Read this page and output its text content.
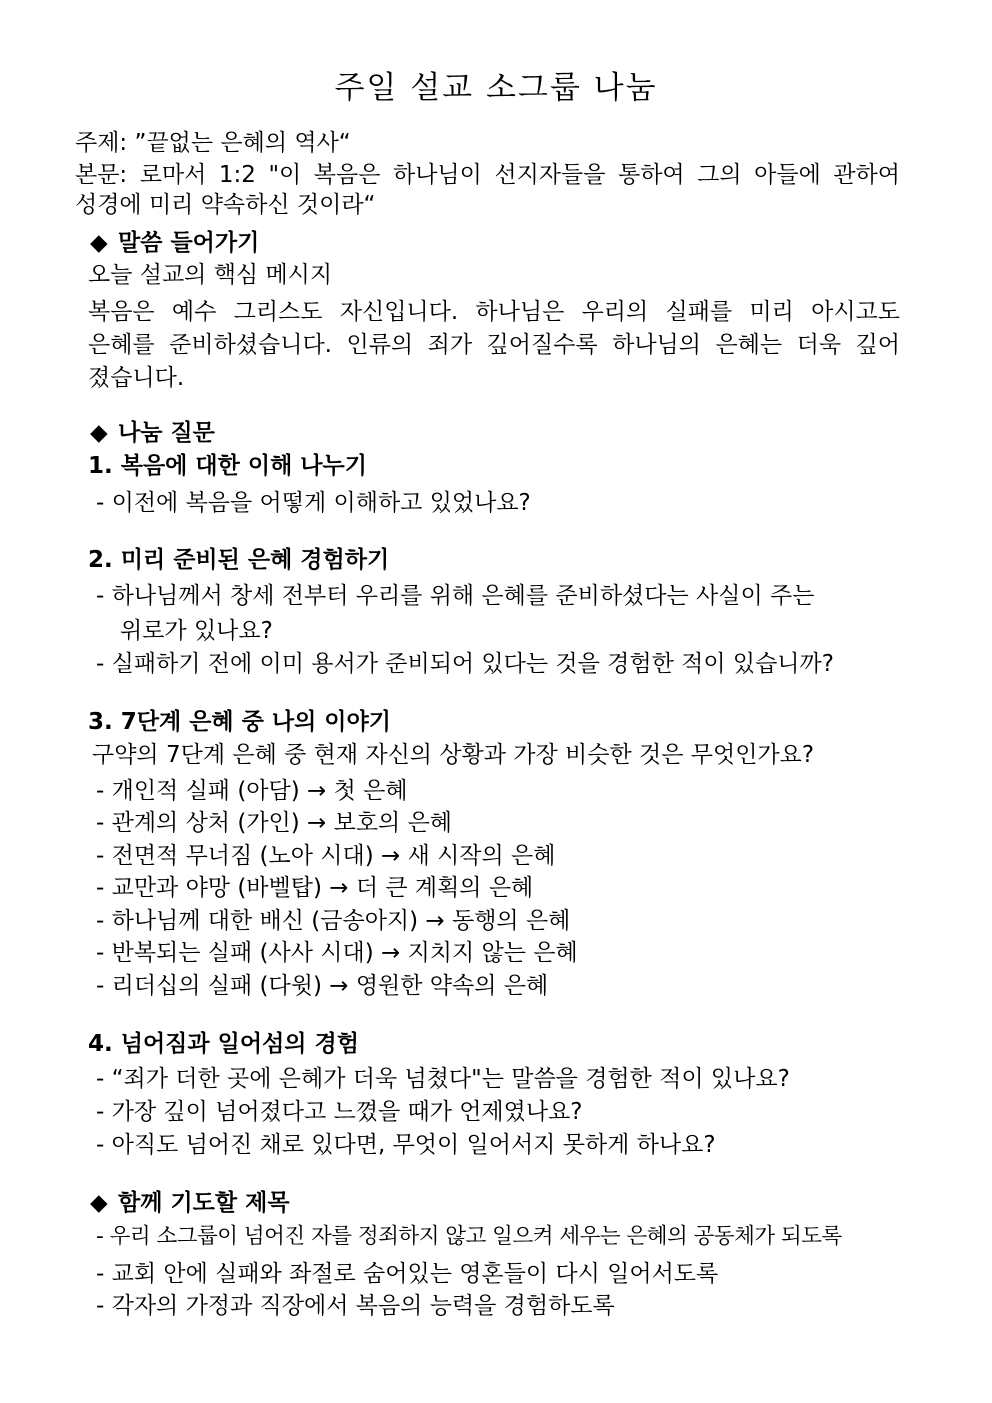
주일 설교 소그룹 나눔
주제: ”끝없는 은혜의 역사“
본문: 로마서 1:2 "이 복음은 하나님이 선지자들을 통하여 그의 아들에 관하여
성경에 미리 약속하신 것이라“
◆ 말씀 들어가기
오늘 설교의 핵심 메시지
복음은 예수 그리스도 자신입니다. 하나님은 우리의 실패를 미리 아시고도
은혜를 준비하셨습니다. 인류의 죄가 깊어질수록 하나님의 은혜는 더욱 깊어
졌습니다.
◆ 나눔 질문
1. 복음에 대한 이해 나누기
- 이전에 복음을 어떻게 이해하고 있었나요?
2. 미리 준비된 은혜 경험하기
- 하나님께서 창세 전부터 우리를 위해 은혜를 준비하셨다는 사실이 주는
위로가 있나요?
- 실패하기 전에 이미 용서가 준비되어 있다는 것을 경험한 적이 있습니까?
3. 7단계 은혜 중 나의 이야기
구약의 7단계 은혜 중 현재 자신의 상황과 가장 비슷한 것은 무엇인가요?
- 개인적 실패 (아담) → 첫 은혜
- 관계의 상처 (가인) → 보호의 은혜
- 전면적 무너짐 (노아 시대) → 새 시작의 은혜
- 교만과 야망 (바벨탑) → 더 큰 계획의 은혜
- 하나님께 대한 배신 (금송아지) → 동행의 은혜
- 반복되는 실패 (사사 시대) → 지치지 않는 은혜
- 리더십의 실패 (다윗) → 영원한 약속의 은혜
4. 넘어짐과 일어섬의 경험
- “죄가 더한 곳에 은혜가 더욱 넘쳤다"는 말씀을 경험한 적이 있나요?
- 가장 깊이 넘어졌다고 느꼈을 때가 언제였나요?
- 아직도 넘어진 채로 있다면, 무엇이 일어서지 못하게 하나요?
◆ 함께 기도할 제목
- 우리 소그룹이 넘어진 자를 정죄하지 않고 일으켜 세우는 은혜의 공동체가 되도록
- 교회 안에 실패와 좌절로 숨어있는 영혼들이 다시 일어서도록
- 각자의 가정과 직장에서 복음의 능력을 경험하도록
